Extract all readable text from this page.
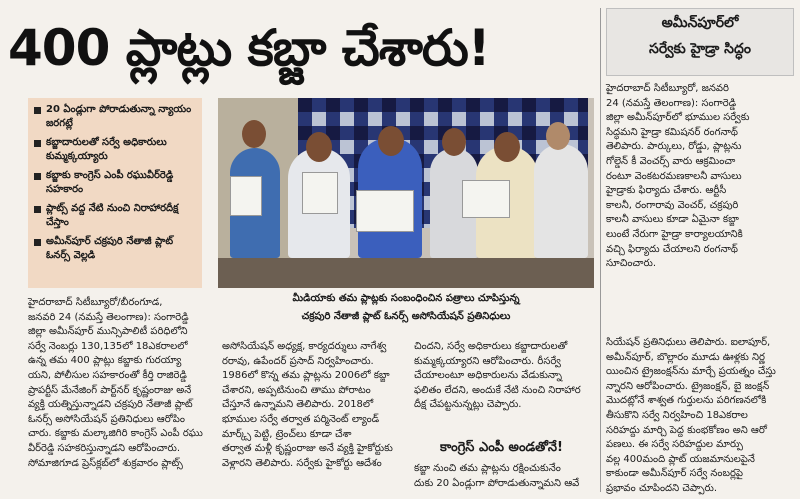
400 ప్లాట్లు కబ్జా చేశారు!	అమీన్‌పూర్‌లో
సర్వేకు హైడ్రా సిద్ధం
హైదరాబాద్ సిటీబ్యూరో, జనవరి
24 (నమస్తే తెలంగాణ): సంగారెడ్డి
జిల్లా అమీన్‌పూర్‌లో భూముల సర్వేకు
సిద్ధమని హైడ్రా కమిషనర్ రంగనాథ్
తెలిపారు. పార్కులు, రోడ్డు, ప్లాట్లను
గోల్డెన్ కీ వెంచర్స్ వారు ఆక్రమించా
రంటూ వెంకటరమణకాలనీ వాసులు
హైడ్రాకు ఫిర్యాదు చేశారు. ఆర్టీసీ
కాలనీ, రంగారావు వెంచర్, చక్రపురి
కాలనీ వాసులు కూడా ఏమైనా కబ్జా
లుంటే నేరుగా హైడ్రా కార్యాలయానికి
వచ్చి ఫిర్యాదు చేయాలని రంగనాథ్
సూచించారు.
20 ఏండ్లుగా పోరాడుతున్నా న్యాయం జరగట్లే
కబ్జాదారులతో సర్వే అధికారులు కుమ్మక్కయ్యారు
కబ్జాకు కాంగ్రెస్ ఎంపీ రఘువీర్‌రెడ్డి సహకారం
ప్లాట్స్ వద్ద నేటి నుంచి నిరాహారదీక్ష చేస్తాం
అమీన్‌పూర్ చక్రపురి నేతాజీ ప్లాట్ ఓనర్స్ వెల్లడి
మీడియాకు తమ ప్లాట్లకు సంబంధించిన పత్రాలు చూపిస్తున్న
చక్రపురి నేతాజీ ప్లాట్ ఓనర్స్ అసోసియేషన్ ప్రతినిధులు
హైదరాబాద్ సిటీబ్యూరో/బీరంగూడ,
జనవరి 24 (నమస్తే తెలంగాణ): సంగారెడ్డి
జిల్లా అమీన్‌పూర్ మున్సిపాలిటీ పరిధిలోని
సర్వే నెంబర్లు 130,135లో 18ఎకరాలలో
ఉన్న తమ 400 ప్లాట్లు కబ్జాకు గురయ్యా
యని, పోలీసుల సహకారంతో కీర్తి రాజిరెడ్డి
ప్రాపర్టీస్ మేనేజింగ్ పార్ట్‌నర్ కృష్ణంరాజు అనే
వ్యక్తి యత్నిస్తున్నాడని చక్రపురి నేతాజీ ప్లాట్
ఓనర్స్ అసోసియేషన్ ప్రతినిధులు ఆరోపిం
చారు. కబ్జాకు మల్కాజిగిరి కాంగ్రెస్ ఎంపీ రఘు
వీర్‌రెడ్డి సహకరిస్తున్నాడని ఆరోపించారు.
సోమాజిగూడ ప్రెస్‌క్లబ్‌లో శుక్రవారం ప్లాట్స్
అసోసియేషన్ అధ్యక్ష, కార్యదర్శులు నాగేశ్వ
రరావు, ఉపేందర్ ప్రసాద్ నిర్వహించారు.
1986లో కొన్న తమ ప్లాట్లను 2006లో కబ్జా
చేశారని, అప్పటినుంచి తాము పోరాటం
చేస్తూనే ఉన్నామని తెలిపారు. 2018లో
భూముల సర్వే తర్వాత పర్మినెంట్ ల్యాండ్
మార్క్స్ పెట్టి, ట్రెంచ్‌లు కూడా చేశా
తర్వాత మళ్లీ కృష్ణంరాజు అనే వ్యక్తి హైకోర్టుకు
వెళ్లారని తెలిపారు. సర్వేకు హైకోర్టు ఆదేశం
చిందని, సర్వే అధికారులు కబ్జాదారులతో
కుమ్మక్కయ్యారని ఆరోపించారు. రీసర్వే
చేయాలంటూ అధికారులను వేడుకున్నా
ఫలితం లేదని, అందుకే నేటి నుంచి నిరాహార
దీక్ష చేపట్టనున్నట్లు చెప్పారు.
కాంగ్రెస్ ఎంపీ అండతోనే!
కబ్జా నుంచి తమ ప్లాట్లను రక్షించుకునేం
దుకు 20 ఏండ్లుగా పోరాడుతున్నామని ఆవే
సియేషన్ ప్రతినిధులు తెలిపారు. ఐలాపూర్,
అమీన్‌పూర్, బొల్లారం మూడు ఊళ్లకు నిర్ణ
యించిన ట్రైజంక్షన్‌ను మార్చే ప్రయత్నం చేస్తు
న్నారని ఆరోపించారు. ట్రైజంక్షన్, బై జంక్షన్
మొదట్లోనే శాశ్వత గుర్తులను పరిగణనలోకి
తీసుకొని సర్వే నిర్వహించి 18ఎకరాల
సరిహద్దు మార్చి పెద్ద కుంభకోణం అని ఆరో
పణలు. ఈ సర్వే సరిహద్దుల మార్పు
వల్ల 400మంది ప్లాట్ యజమానులపైనే
కాకుండా అమీన్‌పూర్ సర్వే నంబర్లపై
ప్రభావం చూపిందని చెప్పారు.
